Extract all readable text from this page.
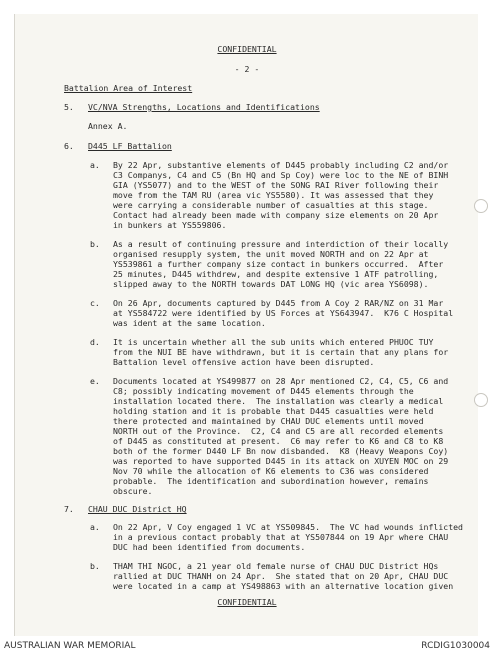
CONFIDENTIAL
- 2 -
Battalion Area of Interest
5. VC/NVA Strengths, Locations and Identifications
Annex A.
6. D445 LF Battalion
a. By 22 Apr, substantive elements of D445 probably including C2 and/or
C3 Companys, C4 and C5 (Bn HQ and Sp Coy) were loc to the NE of BINH
GIA (YS5077) and to the WEST of the SONG RAI River following their
move from the TAM RU (area vic YS5580). It was assessed that they
were carrying a considerable number of casualties at this stage.
Contact had already been made with company size elements on 20 Apr
in bunkers at YS559806.
b. As a result of continuing pressure and interdiction of their locally
organised resupply system, the unit moved NORTH and on 22 Apr at
YS539861 a further company size contact in bunkers occurred.  After
25 minutes, D445 withdrew, and despite extensive 1 ATF patrolling,
slipped away to the NORTH towards DAT LONG HQ (vic area YS6098).
c. On 26 Apr, documents captured by D445 from A Coy 2 RAR/NZ on 31 Mar
at YS584722 were identified by US Forces at YS643947.  K76 C Hospital
was ident at the same location.
d. It is uncertain whether all the sub units which entered PHUOC TUY
from the NUI BE have withdrawn, but it is certain that any plans for
Battalion level offensive action have been disrupted.
e. Documents located at YS499877 on 28 Apr mentioned C2, C4, C5, C6 and
C8; possibly indicating movement of D445 elements through the
installation located there.  The installation was clearly a medical
holding station and it is probable that D445 casualties were held
there protected and maintained by CHAU DUC elements until moved
NORTH out of the Province.  C2, C4 and C5 are all recorded elements
of D445 as constituted at present.  C6 may refer to K6 and C8 to K8
both of the former D440 LF Bn now disbanded.  K8 (Heavy Weapons Coy)
was reported to have supported D445 in its attack on XUYEN MOC on 29
Nov 70 while the allocation of K6 elements to C36 was considered
probable.  The identification and subordination however, remains
obscure.
7. CHAU DUC District HQ
a. On 22 Apr, V Coy engaged 1 VC at YS509845.  The VC had wounds inflicted
in a previous contact probably that at YS507844 on 19 Apr where CHAU
DUC had been identified from documents.
b. THAM THI NGOC, a 21 year old female nurse of CHAU DUC District HQs
rallied at DUC THANH on 24 Apr.  She stated that on 20 Apr, CHAU DUC
were located in a camp at YS498863 with an alternative location given
CONFIDENTIAL
AUSTRALIAN WAR MEMORIAL	RCDIG1030004
